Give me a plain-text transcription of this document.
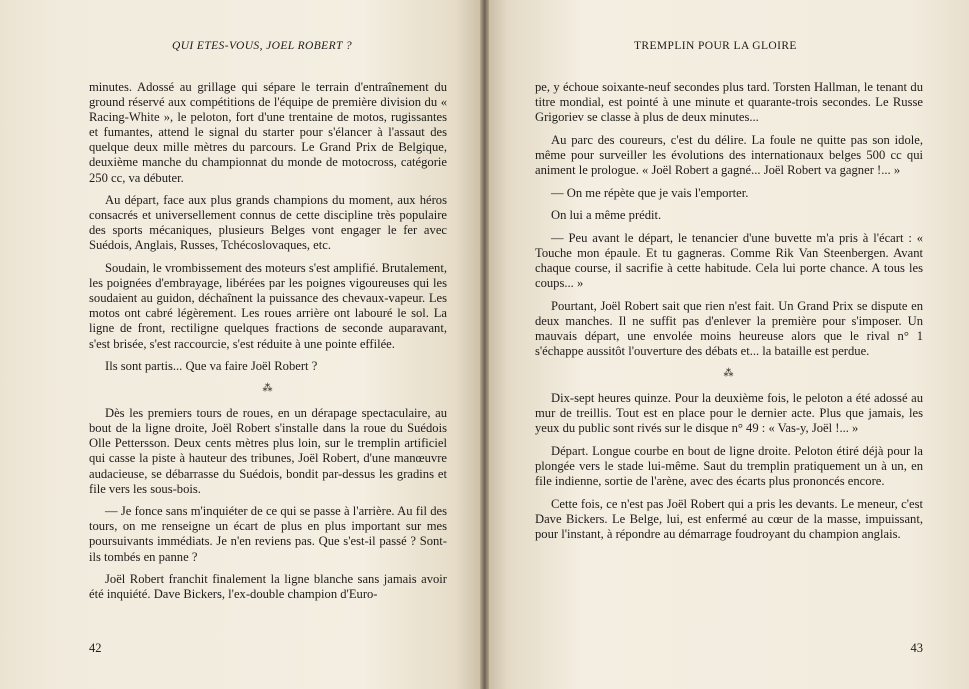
QUI ETES-VOUS, JOEL ROBERT ?

minutes. Adossé au grillage qui sépare le terrain d'entraînement du ground réservé aux compétitions de l'équipe de première division du « Racing-White », le peloton, fort d'une trentaine de motos, rugissantes et fumantes, attend le signal du starter pour s'élancer à l'assaut des quelque deux mille mètres du parcours. Le Grand Prix de Belgique, deuxième manche du championnat du monde de motocross, catégorie 250 cc, va débuter.

Au départ, face aux plus grands champions du moment, aux héros consacrés et universellement connus de cette discipline très populaire des sports mécaniques, plusieurs Belges vont engager le fer avec Suédois, Anglais, Russes, Tchécoslovaques, etc.

Soudain, le vrombissement des moteurs s'est amplifié. Brutalement, les poignées d'embrayage, libérées par les poignes vigoureuses qui les soudaient au guidon, déchaînent la puissance des chevaux-vapeur. Les motos ont cabré légèrement. Les roues arrière ont labouré le sol. La ligne de front, rectiligne quelques fractions de seconde auparavant, s'est brisée, s'est raccourcie, s'est réduite à une pointe effilée.

Ils sont partis... Que va faire Joël Robert ?

⁂

Dès les premiers tours de roues, en un dérapage spectaculaire, au bout de la ligne droite, Joël Robert s'installe dans la roue du Suédois Olle Pettersson. Deux cents mètres plus loin, sur le tremplin artificiel qui casse la piste à hauteur des tribunes, Joël Robert, d'une manœuvre audacieuse, se débarrasse du Suédois, bondit par-dessus les gradins et file vers les sous-bois.

— Je fonce sans m'inquiéter de ce qui se passe à l'arrière. Au fil des tours, on me renseigne un écart de plus en plus important sur mes poursuivants immédiats. Je n'en reviens pas. Que s'est-il passé ? Sont-ils tombés en panne ?

Joël Robert franchit finalement la ligne blanche sans jamais avoir été inquiété. Dave Bickers, l'ex-double champion d'Euro-

42
TREMPLIN POUR LA GLOIRE

pe, y échoue soixante-neuf secondes plus tard. Torsten Hallman, le tenant du titre mondial, est pointé à une minute et quarante-trois secondes. Le Russe Grigoriev se classe à plus de deux minutes...

Au parc des coureurs, c'est du délire. La foule ne quitte pas son idole, même pour surveiller les évolutions des internationaux belges 500 cc qui animent le prologue. « Joël Robert a gagné... Joël Robert va gagner !... »

— On me répète que je vais l'emporter.

On lui a même prédit.

— Peu avant le départ, le tenancier d'une buvette m'a pris à l'écart : « Touche mon épaule. Et tu gagneras. Comme Rik Van Steenbergen. Avant chaque course, il sacrifie à cette habitude. Cela lui porte chance. A tous les coups... »

Pourtant, Joël Robert sait que rien n'est fait. Un Grand Prix se dispute en deux manches. Il ne suffit pas d'enlever la première pour s'imposer. Un mauvais départ, une envolée moins heureuse alors que le rival n° 1 s'échappe aussitôt l'ouverture des débats et... la bataille est perdue.

⁂

Dix-sept heures quinze. Pour la deuxième fois, le peloton a été adossé au mur de treillis. Tout est en place pour le dernier acte. Plus que jamais, les yeux du public sont rivés sur le disque n° 49 : « Vas-y, Joël !... »

Départ. Longue courbe en bout de ligne droite. Peloton étiré déjà pour la plongée vers le stade lui-même. Saut du tremplin pratiquement un à un, en file indienne, sortie de l'arène, avec des écarts plus prononcés encore.

Cette fois, ce n'est pas Joël Robert qui a pris les devants. Le meneur, c'est Dave Bickers. Le Belge, lui, est enfermé au cœur de la masse, impuissant, pour l'instant, à répondre au démarrage foudroyant du champion anglais.

43
